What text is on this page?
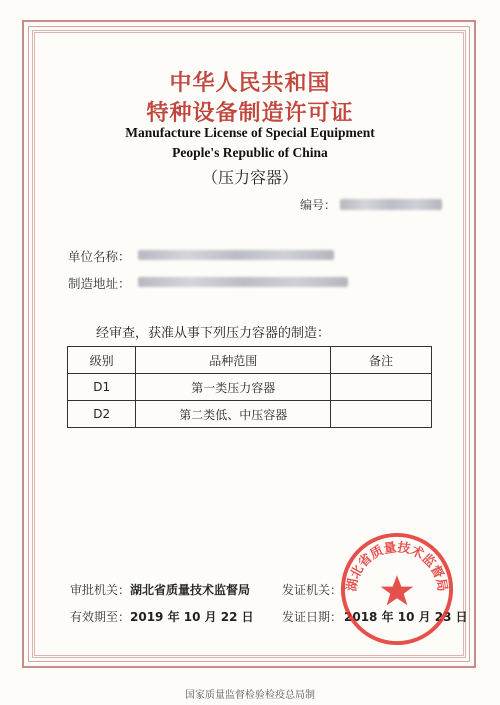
中华人民共和国
特种设备制造许可证
Manufacture License of Special Equipment
People's Republic of China
（压力容器）
编号：
单位名称：
制造地址：
经审查，获准从事下列压力容器的制造：
级别	品种范围	备注
D1	第一类压力容器	
D2	第二类低、中压容器	
审批机关： 湖北省质量技术监督局	发证机关：
有效期至： 2019 年 10 月 22 日 发证日期： 2018 年 10 月 23 日
湖北省质量技术监督局
国家质量监督检验检疫总局制
